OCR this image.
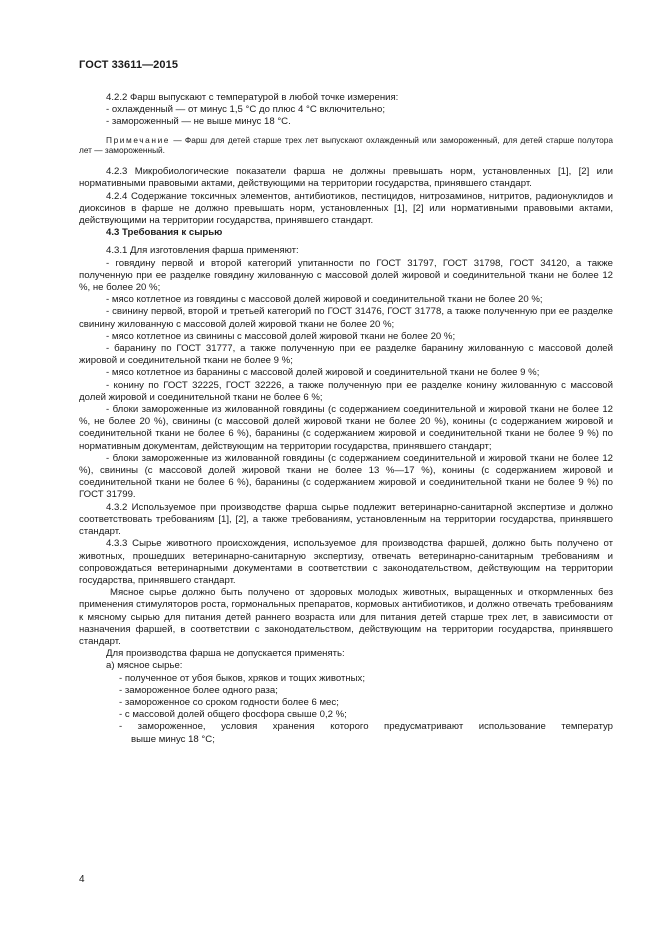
ГОСТ 33611—2015

4.2.2 Фарш выпускают с температурой в любой точке измерения:

- охлажденный — от минус 1,5 °С до плюс 4 °С включительно;

- замороженный — не выше минус 18 °С.

Примечание — Фарш для детей старше трех лет выпускают охлажденный или замороженный, для детей старше полутора лет — замороженный.

4.2.3 Микробиологические показатели фарша не должны превышать норм, установленных [1], [2] или нормативными правовыми актами, действующими на территории государства, принявшего стандарт.

4.2.4 Содержание токсичных элементов, антибиотиков, пестицидов, нитрозаминов, нитритов, радионуклидов и диоксинов в фарше не должно превышать норм, установленных [1], [2] или нормативными правовыми актами, действующими на территории государства, принявшего стандарт.

4.3 Требования к сырью

4.3.1 Для изготовления фарша применяют:

- говядину первой и второй категорий упитанности по ГОСТ 31797, ГОСТ 31798, ГОСТ 34120, а также полученную при ее разделке говядину жилованную с массовой долей жировой и соединительной ткани не более 12 %, не более 20 %;

- мясо котлетное из говядины с массовой долей жировой и соединительной ткани не более 20 %;

- свинину первой, второй и третьей категорий по ГОСТ 31476, ГОСТ 31778, а также полученную при ее разделке свинину жилованную с массовой долей жировой ткани не более 20 %;

- мясо котлетное из свинины с массовой долей жировой ткани не более 20 %;

- баранину по ГОСТ 31777, а также полученную при ее разделке баранину жилованную с массовой долей жировой и соединительной ткани не более 9 %;

- мясо котлетное из баранины с массовой долей жировой и соединительной ткани не более 9 %;

- конину по ГОСТ 32225, ГОСТ 32226, а также полученную при ее разделке конину жилованную с массовой долей жировой и соединительной ткани не более 6 %;

- блоки замороженные из жилованной говядины (с содержанием соединительной и жировой ткани не более 12 %, не более 20 %), свинины (с массовой долей жировой ткани не более 20 %), конины (с содержанием жировой и соединительной ткани не более 6 %), баранины (с содержанием жировой и соединительной ткани не более 9 %) по нормативным документам, действующим на территории государства, принявшего стандарт;

- блоки замороженные из жилованной говядины (с содержанием соединительной и жировой ткани не более 12 %), свинины (с массовой долей жировой ткани не более 13 %—17 %), конины (с содержанием жировой и соединительной ткани не более 6 %), баранины (с содержанием жировой и соединительной ткани не более 9 %) по ГОСТ 31799.

4.3.2 Используемое при производстве фарша сырье подлежит ветеринарно-санитарной экспертизе и должно соответствовать требованиям [1], [2], а также требованиям, установленным на территории государства, принявшего стандарт.

4.3.3 Сырье животного происхождения, используемое для производства фаршей, должно быть получено от животных, прошедших ветеринарно-санитарную экспертизу, отвечать ветеринарно-санитарным требованиям и сопровождаться ветеринарными документами в соответствии с законодательством, действующим на территории государства, принявшего стандарт.

Мясное сырье должно быть получено от здоровых молодых животных, выращенных и откормленных без применения стимуляторов роста, гормональных препаратов, кормовых антибиотиков, и должно отвечать требованиям к мясному сырью для питания детей раннего возраста или для питания детей старше трех лет, в зависимости от назначения фаршей, в соответствии с законодательством, действующим на территории государства, принявшего стандарт.

Для производства фарша не допускается применять:

а) мясное сырье:

- полученное от убоя быков, хряков и тощих животных;

- замороженное более одного раза;

- замороженное со сроком годности более 6 мес;

- с массовой долей общего фосфора свыше 0,2 %;

- замороженное, условия хранения которого предусматривают использование температур

выше минус 18 °С;

4
